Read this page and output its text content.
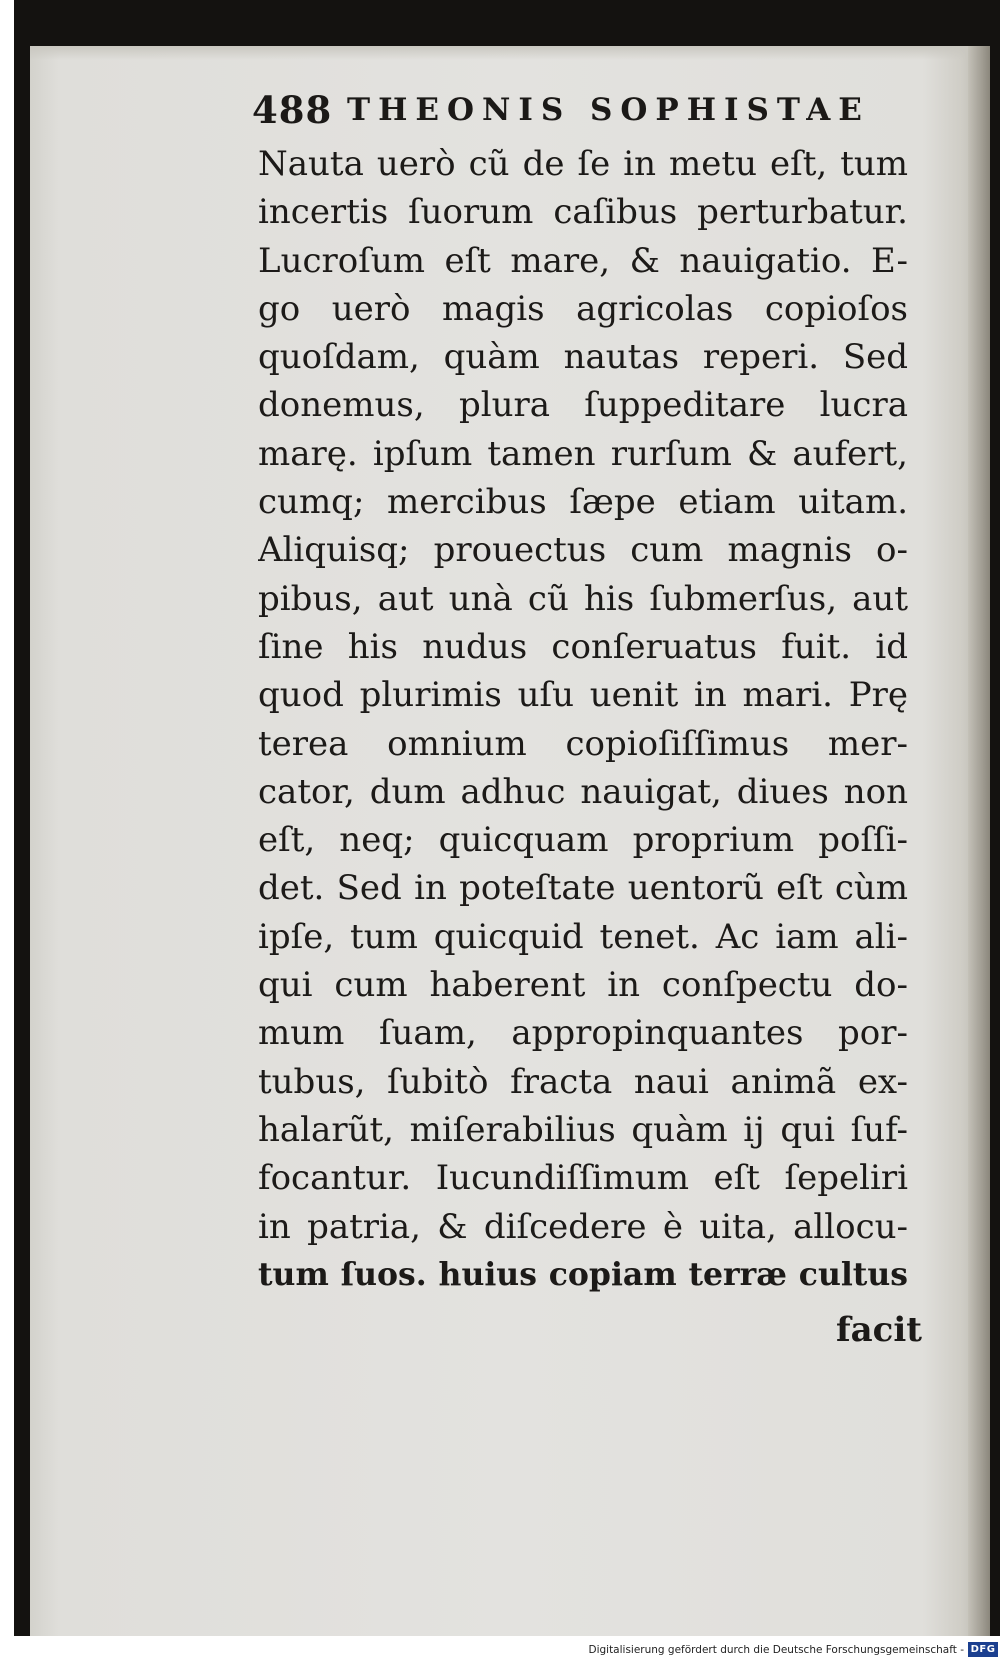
488 THEONIS SOPHISTAE
Nauta uerò cũ de ſe in metu eſt, tum
incertis ſuorum caſibus perturbatur.
Lucroſum eſt mare, & nauigatio. E-
go uerò magis agricolas copioſos
quoſdam, quàm nautas reperi. Sed
donemus, plura ſuppeditare lucra
marę. ipſum tamen rurſum & aufert,
cumq; mercibus ſæpe etiam uitam.
Aliquisq; prouectus cum magnis o-
pibus, aut unà cũ his ſubmerſus, aut
ſine his nudus conſeruatus fuit. id
quod plurimis uſu uenit in mari. Prę
terea omnium copioſiſſimus mer-
cator, dum adhuc nauigat, diues non
eſt, neq; quicquam proprium poſſi-
det. Sed in poteſtate uentorũ eſt cùm
ipſe, tum quicquid tenet. Ac iam ali-
qui cum haberent in conſpectu do-
mum ſuam, appropinquantes por-
tubus, ſubitò fracta naui animã ex-
halarũt, miſerabilius quàm ij qui ſuf-
focantur. Iucundiſſimum eſt ſepeliri
in patria, & diſcedere è uita, allocu-
tum ſuos. huius copiam terræ cultus
facit
Digitalisierung gefördert durch die Deutsche Forschungsgemeinschaft - DFG
